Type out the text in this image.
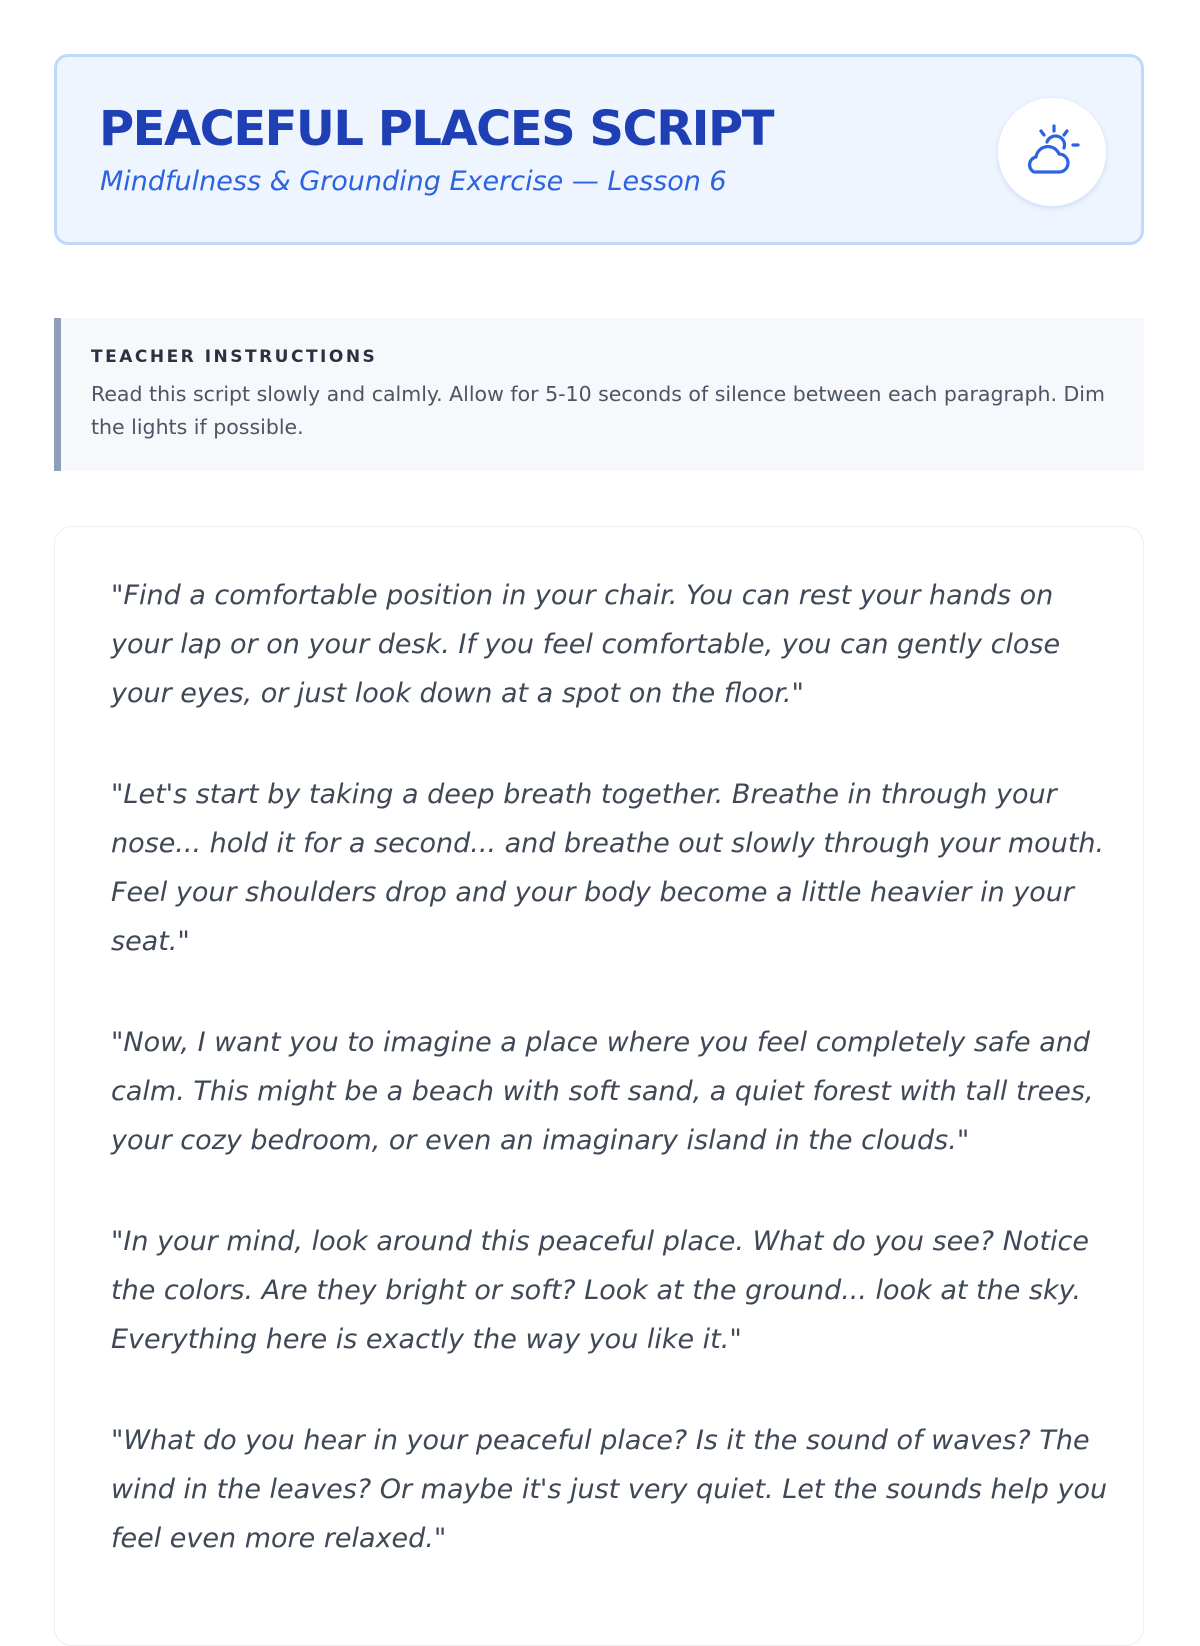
PEACEFUL PLACES SCRIPT

Mindfulness & Grounding Exercise — Lesson 6

TEACHER INSTRUCTIONS

Read this script slowly and calmly. Allow for 5-10 seconds of silence between each paragraph. Dim the lights if possible.

"Find a comfortable position in your chair. You can rest your hands on your lap or on your desk. If you feel comfortable, you can gently close your eyes, or just look down at a spot on the floor."

"Let's start by taking a deep breath together. Breathe in through your nose... hold it for a second... and breathe out slowly through your mouth. Feel your shoulders drop and your body become a little heavier in your seat."

"Now, I want you to imagine a place where you feel completely safe and calm. This might be a beach with soft sand, a quiet forest with tall trees, your cozy bedroom, or even an imaginary island in the clouds."

"In your mind, look around this peaceful place. What do you see? Notice the colors. Are they bright or soft? Look at the ground... look at the sky. Everything here is exactly the way you like it."

"What do you hear in your peaceful place? Is it the sound of waves? The wind in the leaves? Or maybe it's just very quiet. Let the sounds help you feel even more relaxed."
